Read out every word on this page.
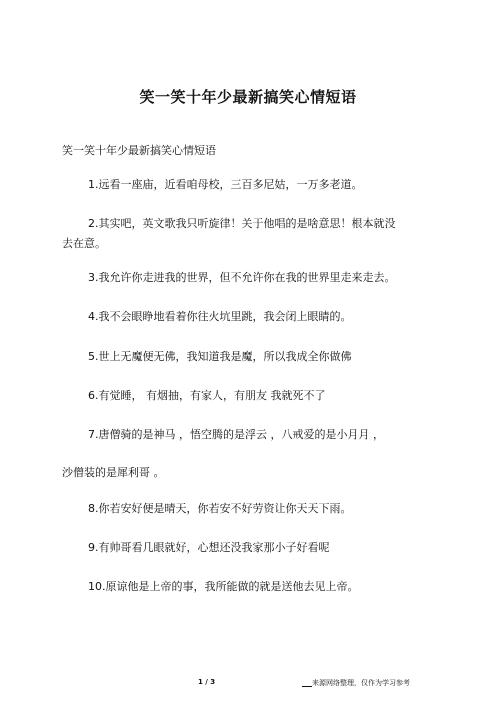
笑一笑十年少最新搞笑心情短语
笑一笑十年少最新搞笑心情短语
1.远看一座庙，近看咱母校，三百多尼姑，一万多老道。
2.其实吧，英文歌我只听旋律！关于他唱的是啥意思！根本就没
去在意。
3.我允许你走进我的世界，但不允许你在我的世界里走来走去。
4.我不会眼睁地看着你往火坑里跳，我会闭上眼睛的。
5.世上无魔便无佛，我知道我是魔，所以我成全你做佛
6.有觉睡， 有烟抽，有家人，有朋友 我就死不了
7.唐僧骑的是神马 ，悟空腾的是浮云 ，八戒爱的是小月月 ，
沙僧装的是犀利哥 。
8.你若安好便是晴天，你若安不好劳资让你天天下雨。
9.有帅哥看几眼就好，心想还没我家那小子好看呢
10.原谅他是上帝的事，我所能做的就是送他去见上帝。
1 / 3	来源网络整理，仅作为学习参考
